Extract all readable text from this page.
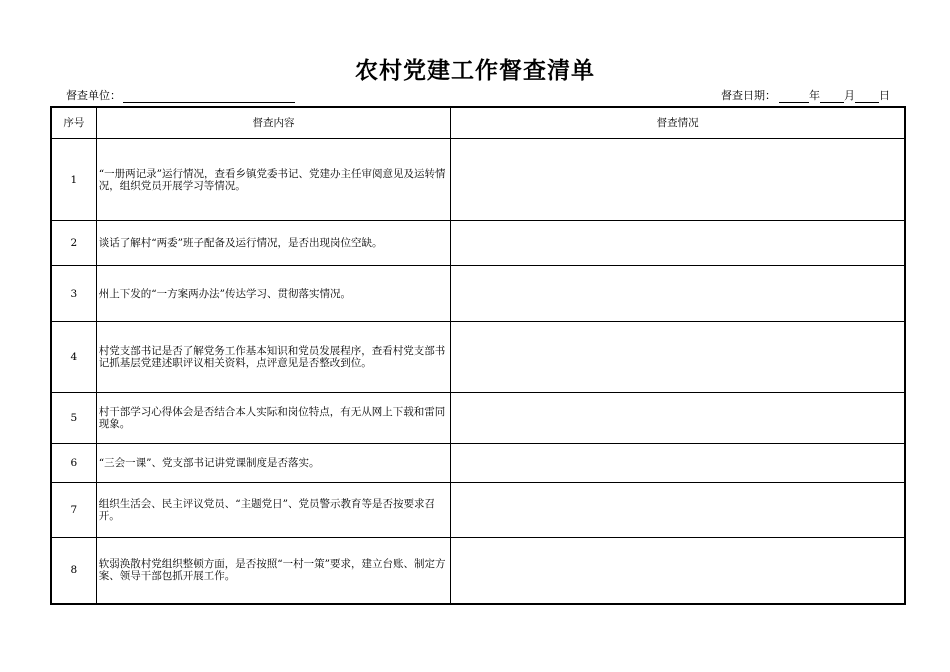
农村党建工作督查清单
督查单位：	督查日期：	年 月 日
序号	督查内容	督查情况
1	“一册两记录”运行情况，查看乡镇党委书记、党建办主任审阅意见及运转情况，组织党员开展学习等情况。	
2	谈话了解村“两委”班子配备及运行情况，是否出现岗位空缺。	
3	州上下发的“一方案两办法”传达学习、贯彻落实情况。	
4	村党支部书记是否了解党务工作基本知识和党员发展程序，查看村党支部书记抓基层党建述职评议相关资料，点评意见是否整改到位。	
5	村干部学习心得体会是否结合本人实际和岗位特点，有无从网上下载和雷同现象。	
6	“三会一课”、党支部书记讲党课制度是否落实。	
7	组织生活会、民主评议党员、“主题党日”、党员警示教育等是否按要求召开。	
8	软弱涣散村党组织整顿方面，是否按照“一村一策”要求，建立台账、制定方案、领导干部包抓开展工作。	
